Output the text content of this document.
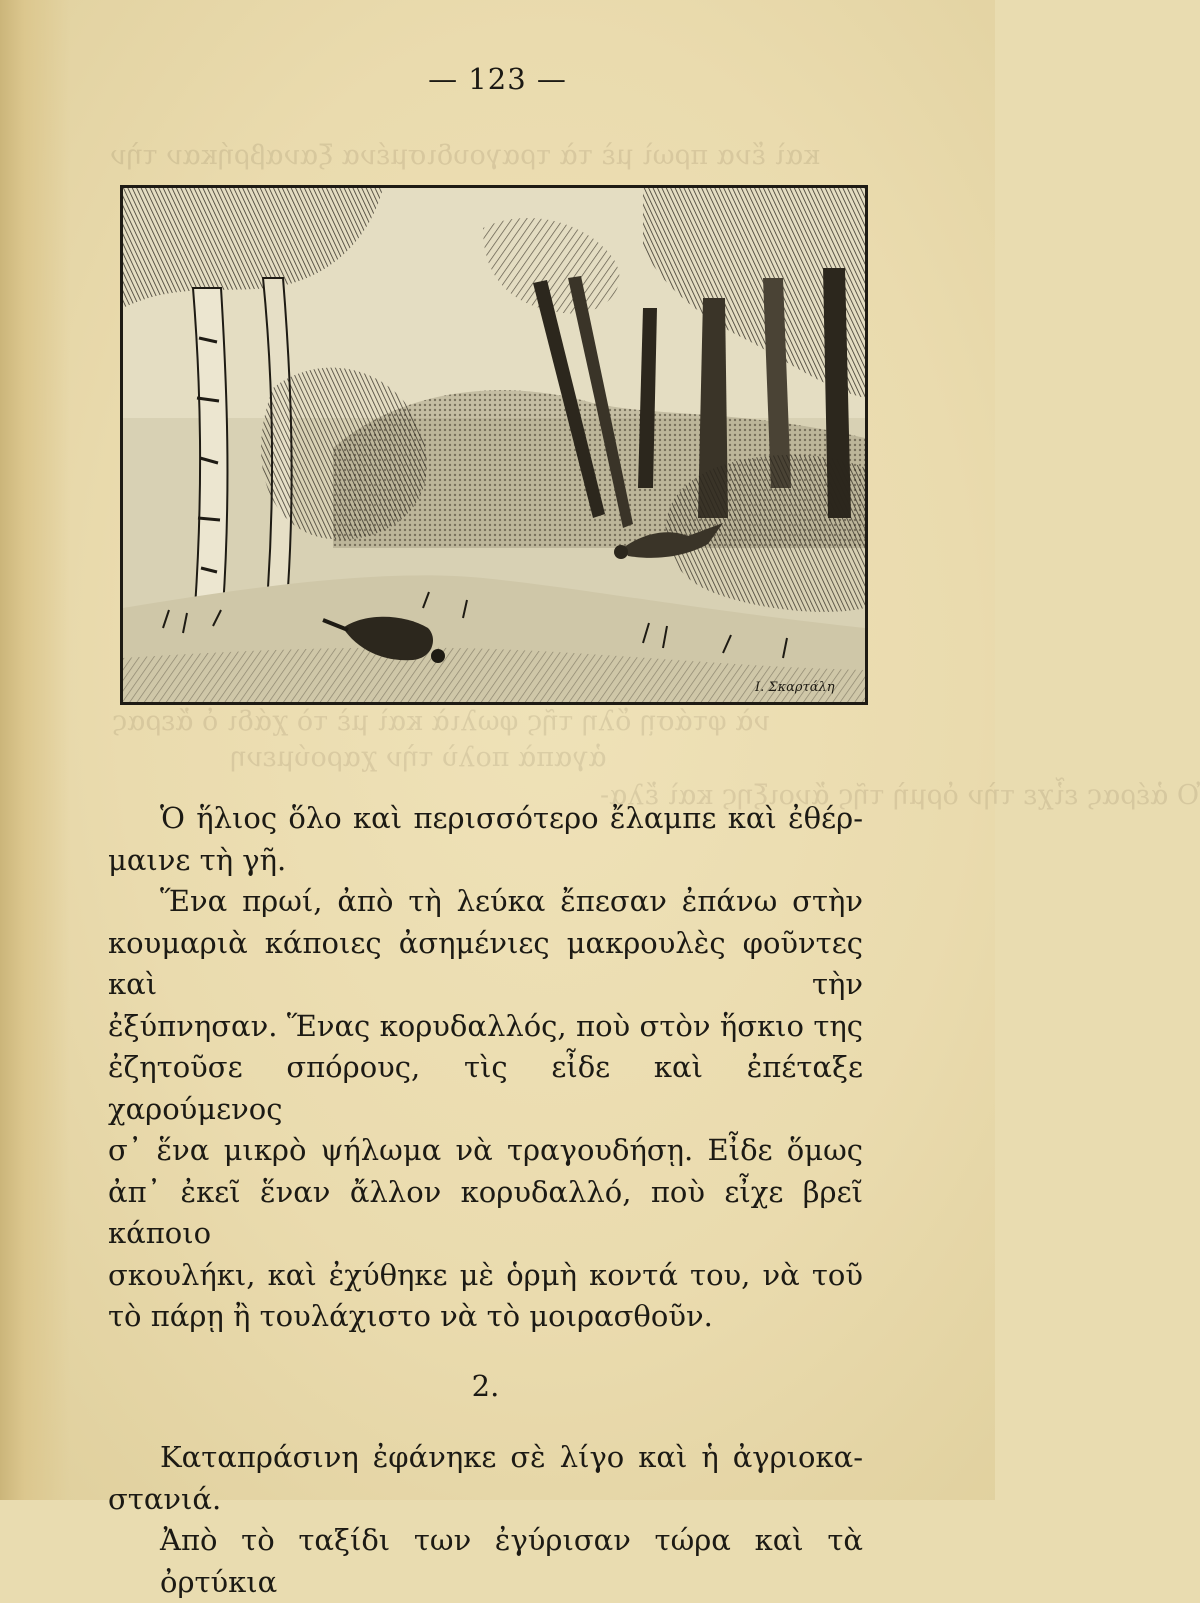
καὶ ἕνα πρωὶ μὲ τὰ τραγουδισμένα ξαναβρήκαν τὴν
νὰ φτάσῃ ὅλη τῆς φωλιὰ καὶ μὲ τὸ χάδι ὁ ἄερας
ἀγαπὰ πολὺ τὴν χαρούμενη
Ὁ ἀέρας εἶχε τὴν ὁρμὴ τῆς ἄνοιξης καὶ ἔλα-
— 123 —
I. Σκαρτάλη

Ὁ ἥλιος ὅλο καὶ περισσότερο ἔλαμπε καὶ ἐθέρ-
μαινε τὴ γῆ.

Ἕνα πρωί, ἀπὸ τὴ λεύκα ἔπεσαν ἐπάνω στὴν
κουμαριὰ κάποιες ἀσημένιες μακρουλὲς φοῦντες καὶ τὴν
ἐξύπνησαν. Ἕνας κορυδαλλός, ποὺ στὸν ἥσκιο της
ἐζητοῦσε σπόρους, τὶς εἶδε καὶ ἐπέταξε χαρούμενος
σ᾽ ἕνα μικρὸ ψήλωμα νὰ τραγουδήσῃ. Εἶδε ὅμως
ἀπ᾽ ἐκεῖ ἕναν ἄλλον κορυδαλλό, ποὺ εἶχε βρεῖ κάποιο
σκουλήκι, καὶ ἐχύθηκε μὲ ὁρμὴ κοντά του, νὰ τοῦ
τὸ πάρῃ ἢ τουλάχιστο νὰ τὸ μοιρασθοῦν.

2.

Καταπράσινη ἐφάνηκε σὲ λίγο καὶ ἡ ἀγριοκα-
στανιά.

Ἀπὸ τὸ ταξίδι των ἐγύρισαν τώρα καὶ τὰ ὀρτύκια
